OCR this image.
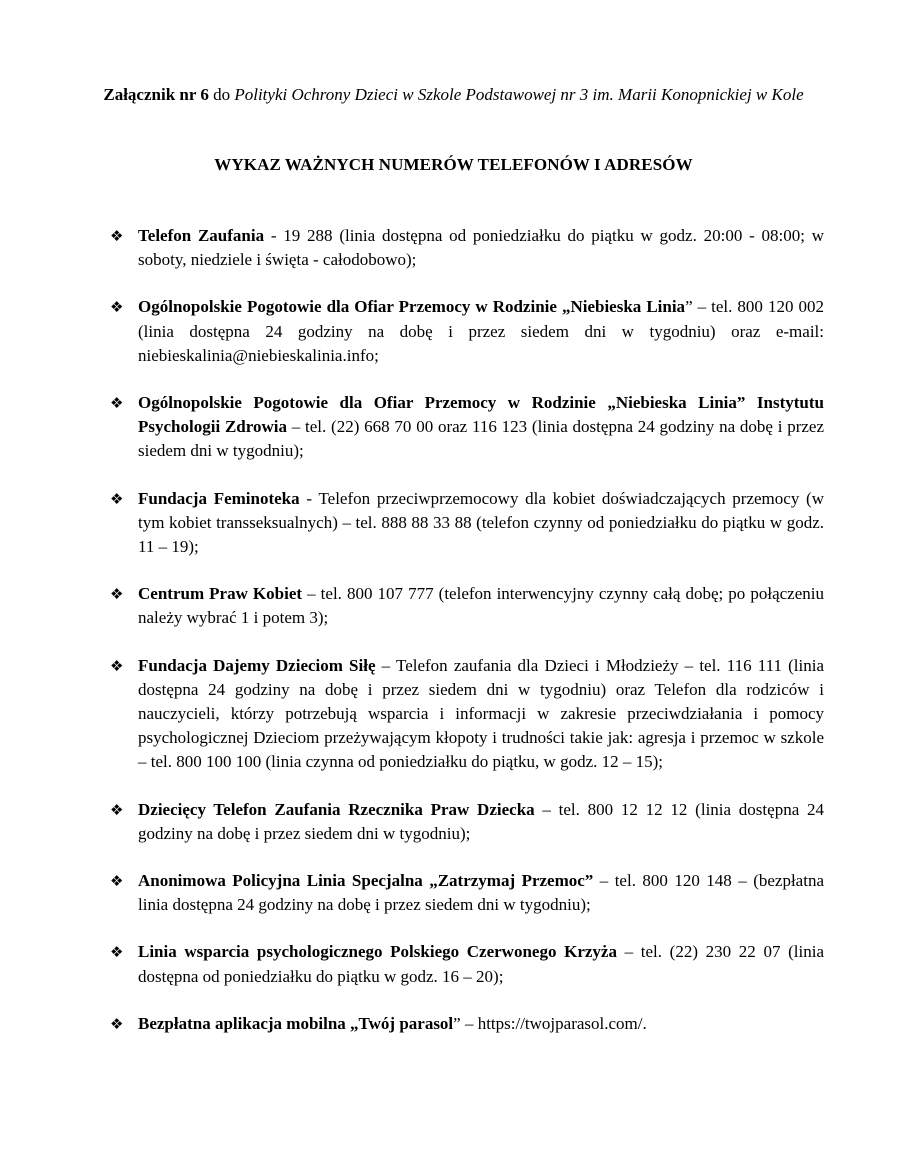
Załącznik nr 6 do Polityki Ochrony Dzieci w Szkole Podstawowej nr 3 im. Marii Konopnickiej w Kole
WYKAZ WAŻNYCH NUMERÓW TELEFONÓW I ADRESÓW
❖ Telefon Zaufania - 19 288 (linia dostępna od poniedziałku do piątku w godz. 20:00 - 08:00; w soboty, niedziele i święta - całodobowo);
❖ Ogólnopolskie Pogotowie dla Ofiar Przemocy w Rodzinie „Niebieska Linia” – tel. 800 120 002 (linia dostępna 24 godziny na dobę i przez siedem dni w tygodniu) oraz e-mail: niebieskalinia@niebieskalinia.info;
❖ Ogólnopolskie Pogotowie dla Ofiar Przemocy w Rodzinie „Niebieska Linia” Instytutu Psychologii Zdrowia – tel. (22) 668 70 00 oraz 116 123 (linia dostępna 24 godziny na dobę i przez siedem dni w tygodniu);
❖ Fundacja Feminoteka - Telefon przeciwprzemocowy dla kobiet doświadczających przemocy (w tym kobiet transseksualnych) – tel. 888 88 33 88 (telefon czynny od poniedziałku do piątku w godz. 11 – 19);
❖ Centrum Praw Kobiet – tel. 800 107 777 (telefon interwencyjny czynny całą dobę; po połączeniu należy wybrać 1 i potem 3);
❖ Fundacja Dajemy Dzieciom Siłę – Telefon zaufania dla Dzieci i Młodzieży – tel. 116 111 (linia dostępna 24 godziny na dobę i przez siedem dni w tygodniu) oraz Telefon dla rodziców i nauczycieli, którzy potrzebują wsparcia i informacji w zakresie przeciwdziałania i pomocy psychologicznej Dzieciom przeżywającym kłopoty i trudności takie jak: agresja i przemoc w szkole – tel. 800 100 100 (linia czynna od poniedziałku do piątku, w godz. 12 – 15);
❖ Dziecięcy Telefon Zaufania Rzecznika Praw Dziecka – tel. 800 12 12 12 (linia dostępna 24 godziny na dobę i przez siedem dni w tygodniu);
❖ Anonimowa Policyjna Linia Specjalna „Zatrzymaj Przemoc” – tel. 800 120 148 – (bezpłatna linia dostępna 24 godziny na dobę i przez siedem dni w tygodniu);
❖ Linia wsparcia psychologicznego Polskiego Czerwonego Krzyża – tel. (22) 230 22 07 (linia dostępna od poniedziałku do piątku w godz. 16 – 20);
❖ Bezpłatna aplikacja mobilna „Twój parasol” – https://twojparasol.com/.
